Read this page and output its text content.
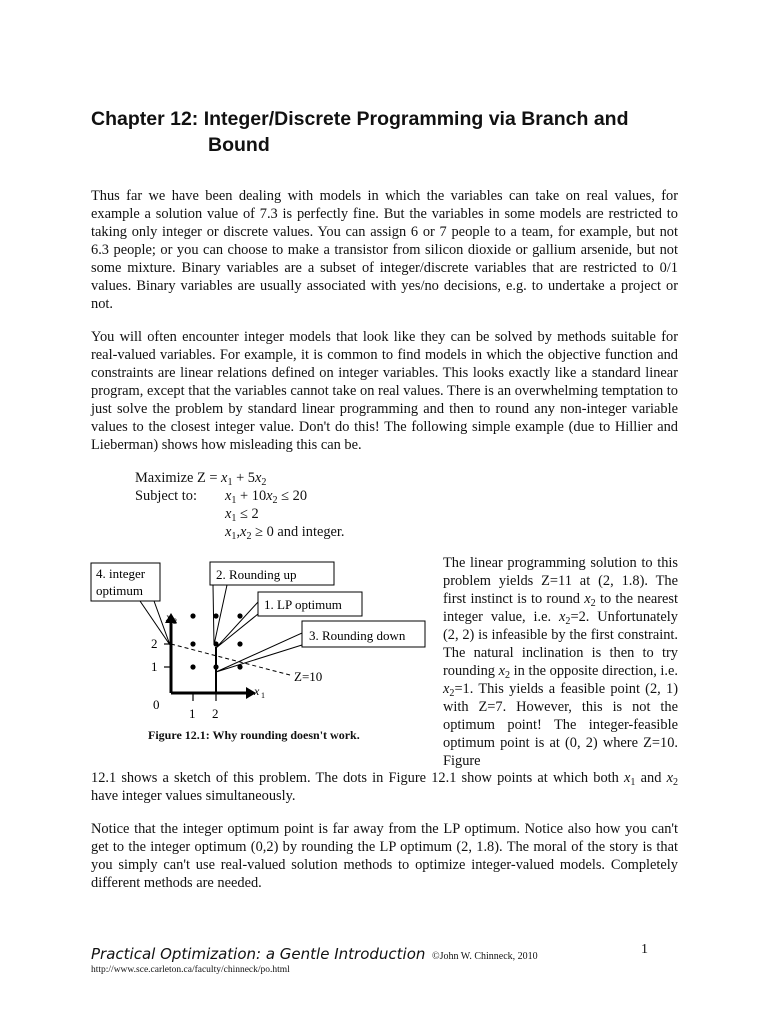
Chapter 12: Integer/Discrete Programming via Branch and
Bound

Thus far we have been dealing with models in which the variables can take on real values, for example a solution value of 7.3 is perfectly fine. But the variables in some models are restricted to taking only integer or discrete values. You can assign 6 or 7 people to a team, for example, but not 6.3 people; or you can choose to make a transistor from silicon dioxide or gallium arsenide, but not some mixture. Binary variables are a subset of integer/discrete variables that are restricted to 0/1 values. Binary variables are usually associated with yes/no decisions, e.g. to undertake a project or not.

You will often encounter integer models that look like they can be solved by methods suitable for real-valued variables. For example, it is common to find models in which the objective function and constraints are linear relations defined on integer variables. This looks exactly like a standard linear program, except that the variables cannot take on real values. There is an overwhelming temptation to just solve the problem by standard linear programming and then to round any non-integer variable values to the closest integer value. Don't do this! The following simple example (due to Hillier and Lieberman) shows how misleading this can be.

Maximize $Z = x_1 + 5x_2$
Subject to: $x_1 + 10x_2 \le 20$
$x_1 \le 2$
$x_1,x_2 \ge 0$ and integer.
4. integer
optimum
2. Rounding up
1. LP optimum
3. Rounding down
x 2
x 1
0
1 2
1
2
Z=10
Figure 12.1: Why rounding doesn't work.

The linear programming solution to this problem yields Z=11 at (2, 1.8). The first instinct is to round $x_2$ to the nearest integer value, i.e. $x_2=2$. Unfortunately (2, 2) is infeasible by the first constraint. The natural inclination is then to try rounding $x_2$ in the opposite direction, i.e. $x_2=1$. This yields a feasible point (2, 1) with Z=7. However, this is not the optimum point! The integer-feasible optimum point is at (0, 2) where Z=10. Figure

12.1 shows a sketch of this problem. The dots in Figure 12.1 show points at which both $x_1$ and $x_2$ have integer values simultaneously.

Notice that the integer optimum point is far away from the LP optimum. Notice also how you can't get to the integer optimum (0,2) by rounding the LP optimum (2, 1.8). The moral of the story is that you simply can't use real-valued solution methods to optimize integer-valued models. Completely different methods are needed.

Practical Optimization: a Gentle Introduction ©John W. Chinneck, 2010
http://www.sce.carleton.ca/faculty/chinneck/po.html
1
